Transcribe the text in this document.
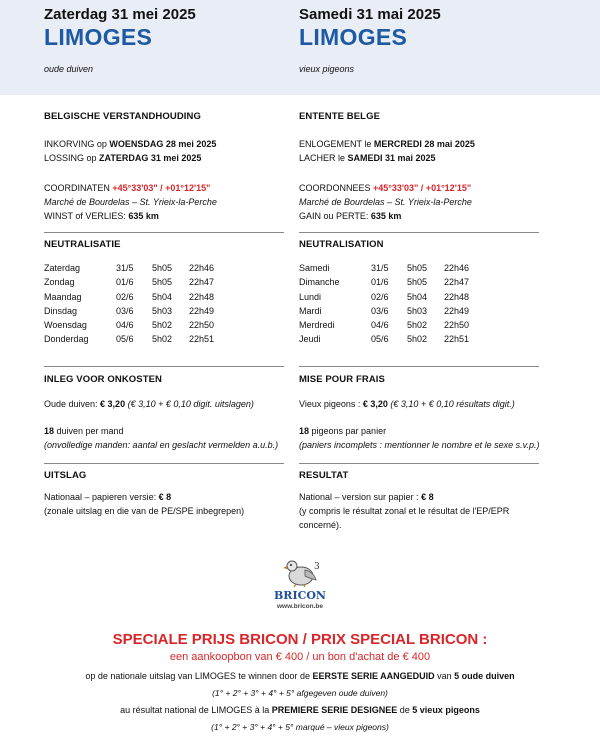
Zaterdag 31 mei 2025
LIMOGES
oude duiven
Samedi 31 mai 2025
LIMOGES
vieux pigeons
BELGISCHE VERSTANDHOUDING
INKORVING op WOENSDAG 28 mei 2025
LOSSING op ZATERDAG 31 mei 2025
COORDINATEN +45°33'03" / +01°12'15"
Marché de Bourdelas – St. Yrieix-la-Perche
WINST of VERLIES: 635 km
NEUTRALISATIE
Zaterdag	31/5 5h05 22h46
Zondag	01/6 5h05 22h47
Maandag	02/6 5h04 22h48
Dinsdag	03/6 5h03 22h49
Woensdag	04/6 5h02 22h50
Donderdag	05/6 5h02 22h51
INLEG VOOR ONKOSTEN
Oude duiven: € 3,20 (€ 3,10 + € 0,10 digit. uitslagen)
18 duiven per mand
(onvolledige manden: aantal en geslacht vermelden a.u.b.)
UITSLAG
Nationaal – papieren versie: € 8
(zonale uitslag en die van de PE/SPE inbegrepen)
ENTENTE BELGE
ENLOGEMENT le MERCREDI 28 mai 2025
LACHER le SAMEDI 31 mai 2025
COORDONNEES +45°33'03" / +01°12'15"
Marché de Bourdelas – St. Yrieix-la-Perche
GAIN ou PERTE: 635 km
NEUTRALISATION
Samedi	31/5 5h05 22h46
Dimanche	01/6 5h05 22h47
Lundi	02/6 5h04 22h48
Mardi	03/6 5h03 22h49
Merdredi	04/6 5h02 22h50
Jeudi	05/6 5h02 22h51
MISE POUR FRAIS
Vieux pigeons : € 3,20 (€ 3,10 + € 0,10 résultats digit.)
18 pigeons par panier
(paniers incomplets : mentionner le nombre et le sexe s.v.p.)
RESULTAT
National – version sur papier : € 8
(y compris le résultat zonal et le résultat de l'EP/EPR
concerné).
3
BRICON
www.bricon.be
SPECIALE PRIJS BRICON / PRIX SPECIAL BRICON :
een aankoopbon van € 400 / un bon d'achat de € 400
op de nationale uitslag van LIMOGES te winnen door de EERSTE SERIE AANGEDUID van 5 oude duiven
(1° + 2° + 3° + 4° + 5° afgegeven oude duiven)
au résultat national de LIMOGES à la PREMIERE SERIE DESIGNEE de 5 vieux pigeons
(1° + 2° + 3° + 4° + 5° marqué – vieux pigeons)
